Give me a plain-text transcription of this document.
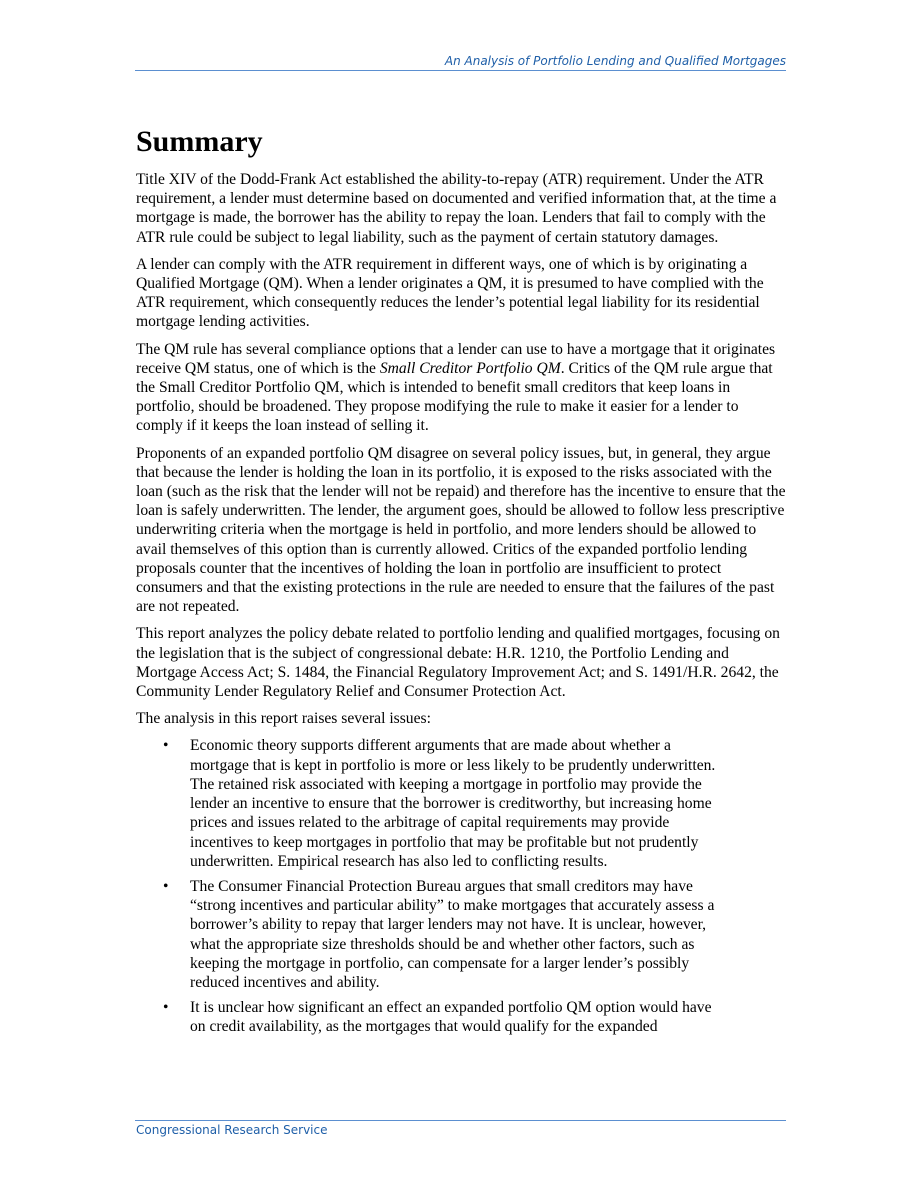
An Analysis of Portfolio Lending and Qualified Mortgages
Summary

Title XIV of the Dodd-Frank Act established the ability-to-repay (ATR) requirement. Under the ATR requirement, a lender must determine based on documented and verified information that, at the time a mortgage is made, the borrower has the ability to repay the loan. Lenders that fail to comply with the ATR rule could be subject to legal liability, such as the payment of certain statutory damages.

A lender can comply with the ATR requirement in different ways, one of which is by originating a Qualified Mortgage (QM). When a lender originates a QM, it is presumed to have complied with the ATR requirement, which consequently reduces the lender’s potential legal liability for its residential mortgage lending activities.

The QM rule has several compliance options that a lender can use to have a mortgage that it originates receive QM status, one of which is the Small Creditor Portfolio QM. Critics of the QM rule argue that the Small Creditor Portfolio QM, which is intended to benefit small creditors that keep loans in portfolio, should be broadened. They propose modifying the rule to make it easier for a lender to comply if it keeps the loan instead of selling it.

Proponents of an expanded portfolio QM disagree on several policy issues, but, in general, they argue that because the lender is holding the loan in its portfolio, it is exposed to the risks associated with the loan (such as the risk that the lender will not be repaid) and therefore has the incentive to ensure that the loan is safely underwritten. The lender, the argument goes, should be allowed to follow less prescriptive underwriting criteria when the mortgage is held in portfolio, and more lenders should be allowed to avail themselves of this option than is currently allowed. Critics of the expanded portfolio lending proposals counter that the incentives of holding the loan in portfolio are insufficient to protect consumers and that the existing protections in the rule are needed to ensure that the failures of the past are not repeated.

This report analyzes the policy debate related to portfolio lending and qualified mortgages, focusing on the legislation that is the subject of congressional debate: H.R. 1210, the Portfolio Lending and Mortgage Access Act; S. 1484, the Financial Regulatory Improvement Act; and S. 1491/H.R. 2642, the Community Lender Regulatory Relief and Consumer Protection Act.

The analysis in this report raises several issues:

• Economic theory supports different arguments that are made about whether a mortgage that is kept in portfolio is more or less likely to be prudently underwritten. The retained risk associated with keeping a mortgage in portfolio may provide the lender an incentive to ensure that the borrower is creditworthy, but increasing home prices and issues related to the arbitrage of capital requirements may provide incentives to keep mortgages in portfolio that may be profitable but not prudently underwritten. Empirical research has also led to conflicting results.
• The Consumer Financial Protection Bureau argues that small creditors may have “strong incentives and particular ability” to make mortgages that accurately assess a borrower’s ability to repay that larger lenders may not have. It is unclear, however, what the appropriate size thresholds should be and whether other factors, such as keeping the mortgage in portfolio, can compensate for a larger lender’s possibly reduced incentives and ability.
• It is unclear how significant an effect an expanded portfolio QM option would have on credit availability, as the mortgages that would qualify for the expanded
Congressional Research Service
